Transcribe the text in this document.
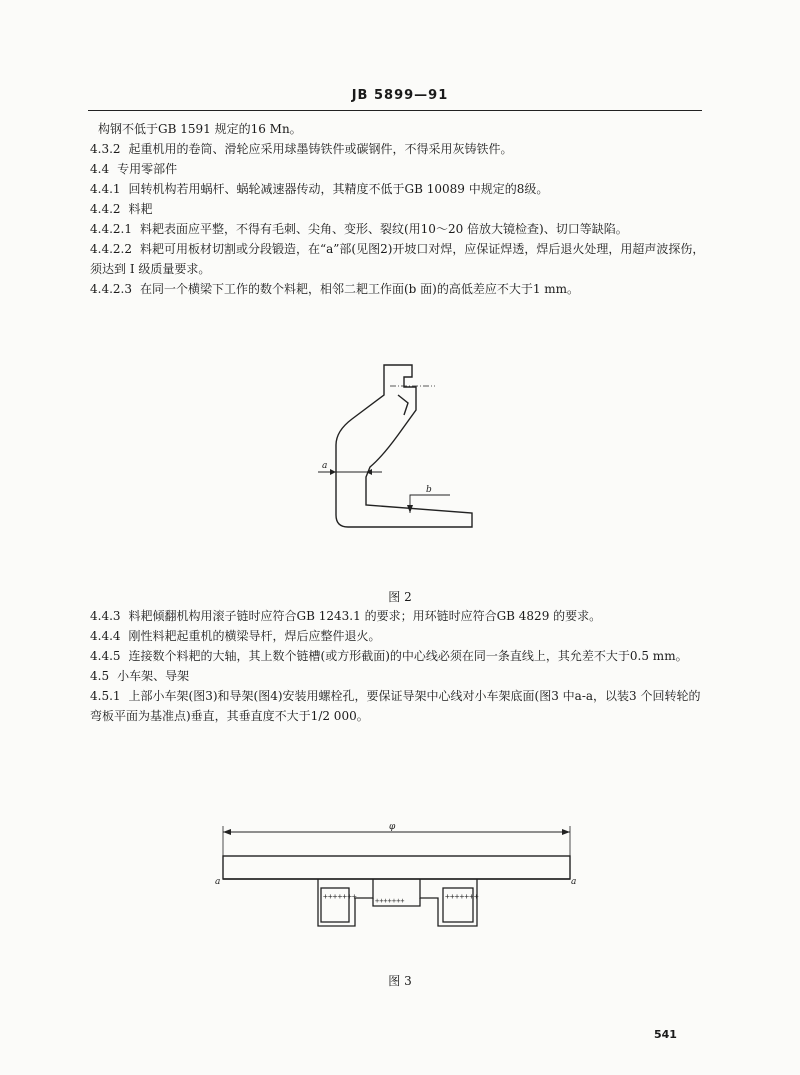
JB 5899—91

构钢不低于GB 1591 规定的16 Mn。

4.3.2 起重机用的卷筒、滑轮应采用球墨铸铁件或碳钢件，不得采用灰铸铁件。

4.4 专用零部件

4.4.1 回转机构若用蜗杆、蜗轮减速器传动，其精度不低于GB 10089 中规定的8级。

4.4.2 料耙

4.4.2.1 料耙表面应平整，不得有毛刺、尖角、变形、裂纹(用10～20 倍放大镜检查)、切口等缺陷。

4.4.2.2 料耙可用板材切割或分段锻造，在“a”部(见图2)开坡口对焊，应保证焊透，焊后退火处理，用超声波探伤，须达到 I 级质量要求。

4.4.2.3 在同一个横梁下工作的数个料耙，相邻二耙工作面(b 面)的高低差应不大于1 mm。

a
b
图 2

4.4.3 料耙倾翻机构用滚子链时应符合GB 1243.1 的要求；用环链时应符合GB 4829 的要求。

4.4.4 刚性料耙起重机的横梁导杆，焊后应整件退火。

4.4.5 连接数个料耙的大轴，其上数个链槽(或方形截面)的中心线必须在同一条直线上，其允差不大于0.5 mm。

4.5 小车架、导架

4.5.1 上部小车架(图3)和导架(图4)安装用螺栓孔，要保证导架中心线对小车架底面(图3 中a-a，以装3 个回转轮的弯板平面为基准点)垂直，其垂直度不大于1/2 000。

φ
a	a
+++++++	+++++++	+++++++
图 3
541
